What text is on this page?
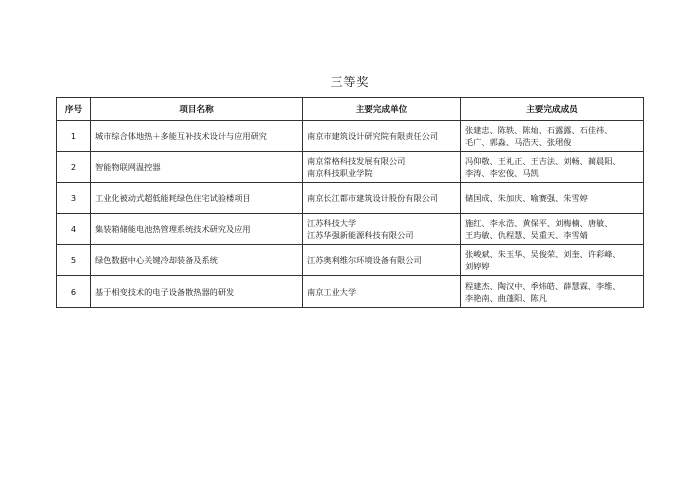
三等奖
序号	项目名称	主要完成单位	主要完成成员
1	城市综合体地热＋多能互补技术设计与应用研究	南京市建筑设计研究院有限责任公司	张建忠、陈轶、陈灿、石露露、石佳祎、
毛广、郭淼、马浩天、张珺俊

2	智能物联网温控器	南京常格科技发展有限公司
南京科技职业学院	冯仰敬、王礼正、王吉法、刘畅、蔺晨阳、
李涛、李宏俊、马凯

3	工业化被动式超低能耗绿色住宅试验楼项目	南京长江都市建筑设计股份有限公司	储国成、朱加庆、喻赛强、朱雪婷

4	集装箱储能电池热管理系统技术研究及应用	江苏科技大学
江苏华强新能源科技有限公司	施红、李永浩、黄保平、刘梅楠、唐敏、
王玙敏、仇程慧、吴重天、李雪婧

5	绿色数据中心关键冷却装备及系统	江苏奥利维尔环境设备有限公司	张峻斌、朱玉华、吴俊荣、刘奎、许彩峰、
刘婷婷

6	基于相变技术的电子设备散热器的研发	南京工业大学	程建杰、陶汉中、季炜皓、薛慧霖、李维、
李艳南、曲蓬阳、陈凡
